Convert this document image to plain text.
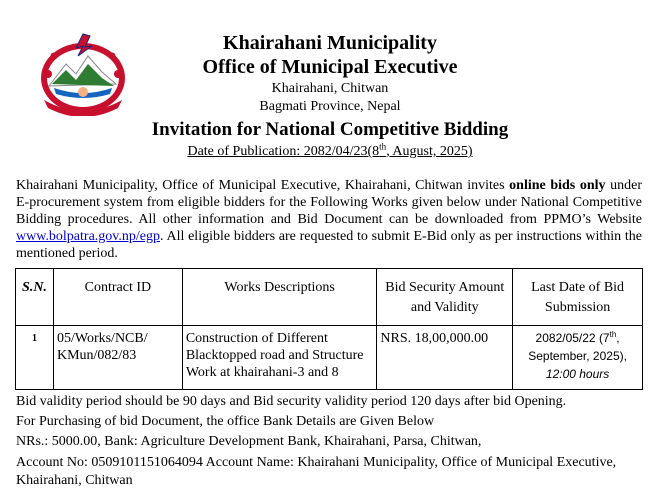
Khairahani Municipality
Office of Municipal Executive
Khairahani, Chitwan
Bagmati Province, Nepal
Invitation for National Competitive Bidding
Date of Publication: 2082/04/23(8th, August, 2025)
Khairahani Municipality, Office of Municipal Executive, Khairahani, Chitwan invites online bids only under E-procurement system from eligible bidders for the Following Works given below under National Competitive Bidding procedures. All other information and Bid Document can be downloaded from PPMO’s Website www.bolpatra.gov.np/egp. All eligible bidders are requested to submit E-Bid only as per instructions within the mentioned period.
S.N.	Contract ID	Works Descriptions	Bid Security Amount and Validity	Last Date of Bid Submission
1	05/Works/NCB/ KMun/082/83	Construction of Different Blacktopped road and Structure Work at khairahani-3 and 8	NRS. 18,00,000.00	2082/05/22 (7th, September, 2025),
12:00 hours
Bid validity period should be 90 days and Bid security validity period 120 days after bid Opening.
For Purchasing of bid Document, the office Bank Details are Given Below
NRs.: 5000.00, Bank: Agriculture Development Bank, Khairahani, Parsa, Chitwan,
Account No: 0509101151064094 Account Name: Khairahani Municipality, Office of Municipal Executive, Khairahani, Chitwan
